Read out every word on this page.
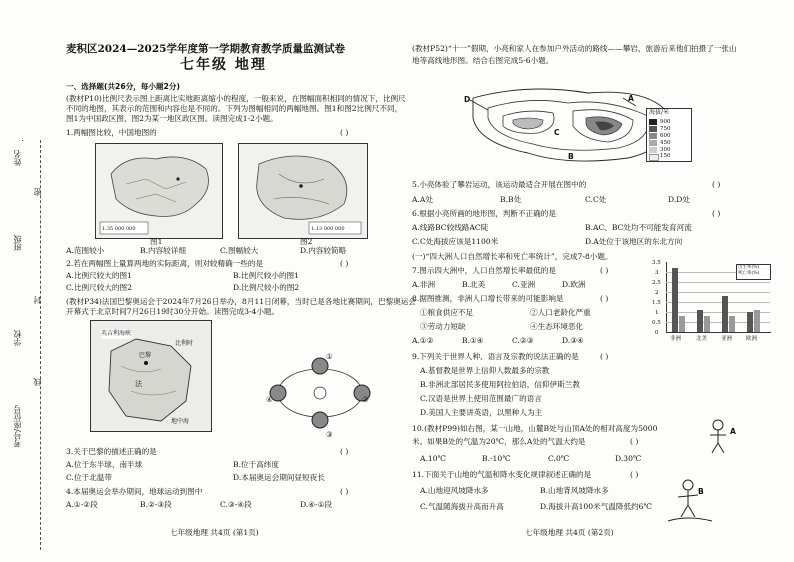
姓名
班级
学校
考号/座位号
密
封
线
麦积区2024—2025学年度第一学期教育教学质量监测试卷
七年级 地理
一、选择题(共26分，每小题2分)
(教材P10)比例尺表示图上距离比实地距离缩小的程度，一般来说，在图幅面积相同的情况下，比例尺
不同的地图，其表示的范围和内容也是不同的。下列为图幅相同的两幅地图。图1和图2比例尺不同，
图1为中国政区图，图2为某一地区政区图。读图完成1-2小题。
1.两幅图比较，中国地图的	( )
1:35 000 000
图1
1:13 000 000
图2
A.范围较小	B.内容较详细	C.图幅较大	D.内容较简略
2.若在两幅图上量算两地的实际距离，则对较精确一些的是	( )
A.比例尺较大的图1	B.比例尺较小的图1
C.比例尺较大的图2	D.比例尺较小的图2
(教材P34)法国巴黎奥运会于2024年7月26日举办，8月11日闭幕，当时已是各地比赛期间，巴黎奥运会
开幕式于北京时间7月26日19时30分开始。读图完成3-4小题。
英吉利海峡
巴黎
法
比利时
地中海
①
②
③
④
3.关于巴黎的描述正确的是	( )
A.位于东半球、南半球	B.位于高纬度
C.位于北温带	D.本届奥运会期间昼短夜长
4.本届奥运会举办期间，地球运动到图中	( )
A.①-②段	B.②-③段	C.③-④段	D.④-①段
七年级地理 共4页 (第1页)
(教材P52)“十一”假期，小亮和家人在参加户外活动的路线——攀岩，旅游后来他们拍摄了一张山
地等高线地形图。结合右图完成5-6小题。
D	A
C
B
海拔/米
900
750
600
450
300
150
5.小亮体验了攀岩运动，该运动最适合开展在图中的	( )
A.A处	B.B处	C.C处	D.D处
6.根据小亮所画的地形图，判断不正确的是	( )
A.线路BC较线路AC陡	B.AC、BC处均不可能发育河流
C.C处海拔应该是1100米	D.A处位于该地区的东北方向
(一)“四大洲人口自然增长率和死亡率统计”，完成7-8小题。
7.图示四大洲中，人口自然增长率最低的是	( )
A.非洲	B.北美	C.亚洲	D.欧洲
3.5
3
2.5
2
1.5
1
0.5
0
出生率(%)
死亡率(%)
非洲	北美	亚洲	欧洲
8.据图推测，非洲人口增长带来的可能影响是	( )
①粮食供应不足	②人口老龄化严重
③劳动力短缺	④生态环境恶化
A.①②	B.①④	C.②③	D.③④
9.下列关于世界人种、语言及宗教的说法正确的是	( )
A.基督教是世界上信仰人数最多的宗教
B.非洲北部居民多使用阿拉伯语，信仰伊斯兰教
C.汉语是世界上使用范围最广的语言
D.美国人主要讲英语，以黑种人为主
10.(教材P99)如右图，某一山地，山麓B处与山顶A处的相对高度为5000
米。如果B处的气温为20℃，那么A处的气温大约是	( )
A.10℃	B.-10℃	C.0℃	D.30℃
11.下面关于山地的气温和降水变化规律叙述正确的是	( )
A.山地迎风坡降水多	B.山地背风坡降水多
C.气温随海拔升高而升高	D.海拔升高100米气温降低约6℃
A
B
七年级地理 共4页 (第2页)
